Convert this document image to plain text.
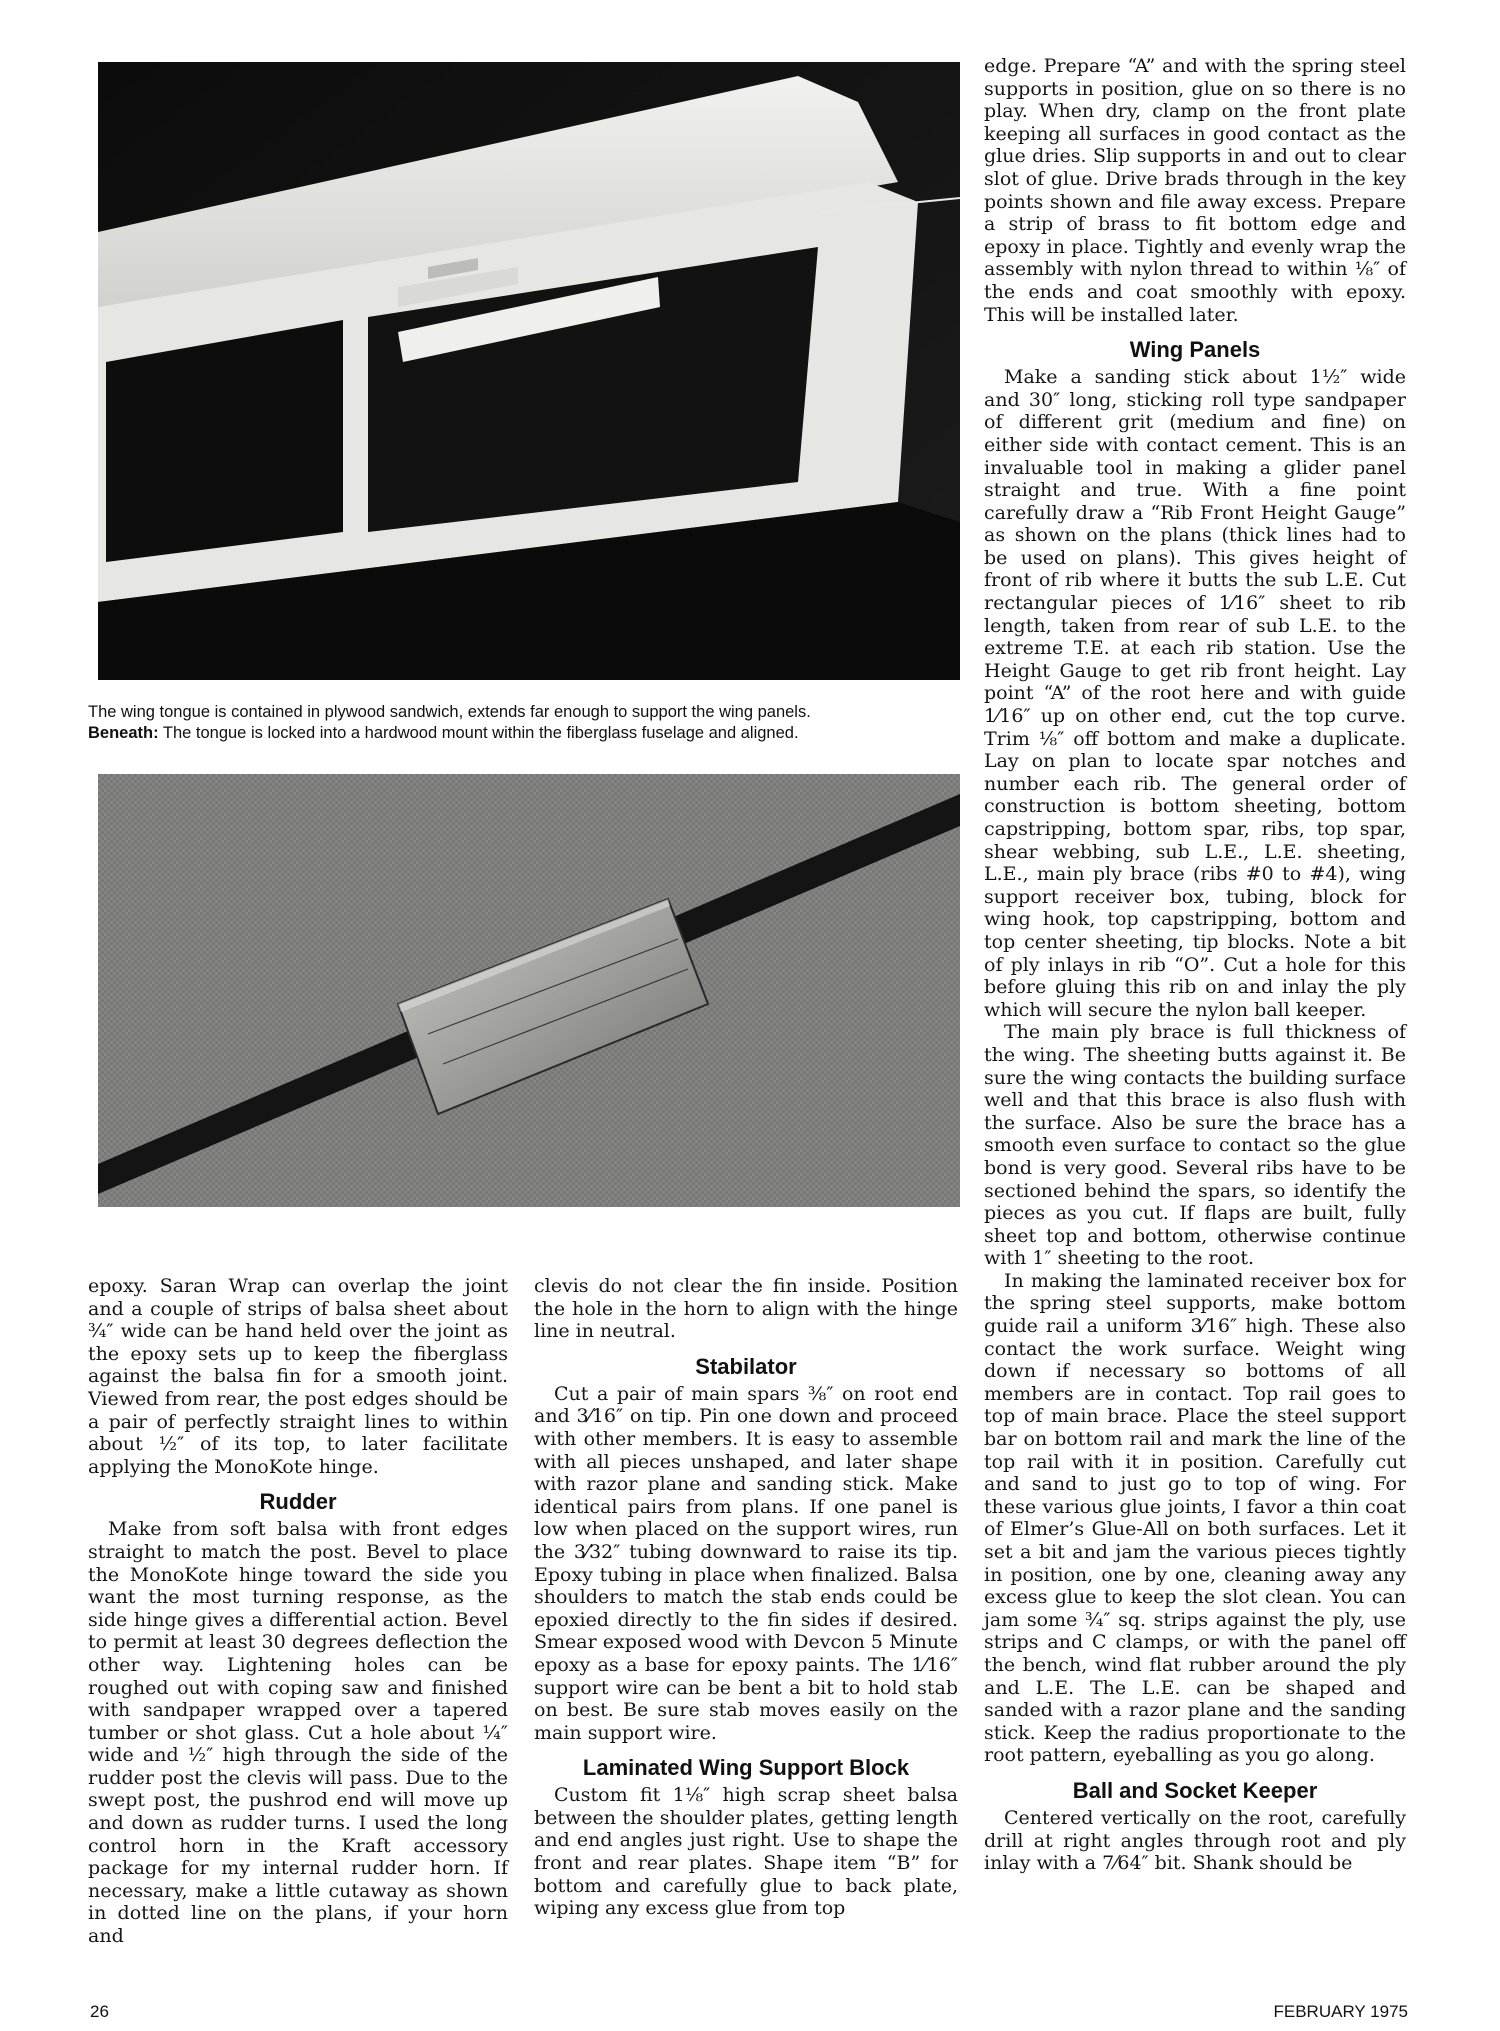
The wing tongue is contained in plywood sandwich, extends far enough to support the wing panels.
Beneath: The tongue is locked into a hardwood mount within the fiberglass fuselage and aligned.

epoxy. Saran Wrap can overlap the joint and a couple of strips of balsa sheet about ¾″ wide can be hand held over the joint as the epoxy sets up to keep the fiberglass against the balsa fin for a smooth joint. Viewed from rear, the post edges should be a pair of perfectly straight lines to within about ½″ of its top, to later facilitate applying the MonoKote hinge.

Rudder

Make from soft balsa with front edges straight to match the post. Bevel to place the MonoKote hinge toward the side you want the most turning response, as the side hinge gives a differential action. Bevel to permit at least 30 degrees deflection the other way. Lightening holes can be roughed out with coping saw and finished with sandpaper wrapped over a tapered tumber or shot glass. Cut a hole about ¼″ wide and ½″ high through the side of the rudder post the clevis will pass. Due to the swept post, the pushrod end will move up and down as rudder turns. I used the long control horn in the Kraft accessory package for my internal rudder horn. If necessary, make a little cutaway as shown in dotted line on the plans, if your horn and

clevis do not clear the fin inside. Position the hole in the horn to align with the hinge line in neutral.

Stabilator

Cut a pair of main spars ⅜″ on root end and 3⁄16″ on tip. Pin one down and proceed with other members. It is easy to assemble with all pieces unshaped, and later shape with razor plane and sanding stick. Make identical pairs from plans. If one panel is low when placed on the support wires, run the 3⁄32″ tubing downward to raise its tip. Epoxy tubing in place when finalized. Balsa shoulders to match the stab ends could be epoxied directly to the fin sides if desired. Smear exposed wood with Devcon 5 Minute epoxy as a base for epoxy paints. The 1⁄16″ support wire can be bent a bit to hold stab on best. Be sure stab moves easily on the main support wire.

Laminated Wing Support Block

Custom fit 1⅛″ high scrap sheet balsa between the shoulder plates, getting length and end angles just right. Use to shape the front and rear plates. Shape item “B” for bottom and carefully glue to back plate, wiping any excess glue from top

edge. Prepare “A” and with the spring steel supports in position, glue on so there is no play. When dry, clamp on the front plate keeping all surfaces in good contact as the glue dries. Slip supports in and out to clear slot of glue. Drive brads through in the key points shown and file away excess. Prepare a strip of brass to fit bottom edge and epoxy in place. Tightly and evenly wrap the assembly with nylon thread to within ⅛″ of the ends and coat smoothly with epoxy. This will be installed later.

Wing Panels

Make a sanding stick about 1½″ wide and 30″ long, sticking roll type sandpaper of different grit (medium and fine) on either side with contact cement. This is an invaluable tool in making a glider panel straight and true. With a fine point carefully draw a “Rib Front Height Gauge” as shown on the plans (thick lines had to be used on plans). This gives height of front of rib where it butts the sub L.E. Cut rectangular pieces of 1⁄16″ sheet to rib length, taken from rear of sub L.E. to the extreme T.E. at each rib station. Use the Height Gauge to get rib front height. Lay point “A” of the root here and with guide 1⁄16″ up on other end, cut the top curve. Trim ⅛″ off bottom and make a duplicate. Lay on plan to locate spar notches and number each rib. The general order of construction is bottom sheeting, bottom capstripping, bottom spar, ribs, top spar, shear webbing, sub L.E., L.E. sheeting, L.E., main ply brace (ribs #0 to #4), wing support receiver box, tubing, block for wing hook, top capstripping, bottom and top center sheeting, tip blocks. Note a bit of ply inlays in rib “O”. Cut a hole for this before gluing this rib on and inlay the ply which will secure the nylon ball keeper.

The main ply brace is full thickness of the wing. The sheeting butts against it. Be sure the wing contacts the building surface well and that this brace is also flush with the surface. Also be sure the brace has a smooth even surface to contact so the glue bond is very good. Several ribs have to be sectioned behind the spars, so identify the pieces as you cut. If flaps are built, fully sheet top and bottom, otherwise continue with 1″ sheeting to the root.

In making the laminated receiver box for the spring steel supports, make bottom guide rail a uniform 3⁄16″ high. These also contact the work surface. Weight wing down if necessary so bottoms of all members are in contact. Top rail goes to top of main brace. Place the steel support bar on bottom rail and mark the line of the top rail with it in position. Carefully cut and sand to just go to top of wing. For these various glue joints, I favor a thin coat of Elmer’s Glue-All on both surfaces. Let it set a bit and jam the various pieces tightly in position, one by one, cleaning away any excess glue to keep the slot clean. You can jam some ¾″ sq. strips against the ply, use strips and C clamps, or with the panel off the bench, wind flat rubber around the ply and L.E. The L.E. can be shaped and sanded with a razor plane and the sanding stick. Keep the radius proportionate to the root pattern, eyeballing as you go along.

Ball and Socket Keeper

Centered vertically on the root, carefully drill at right angles through root and ply inlay with a 7⁄64″ bit. Shank should be

26	FEBRUARY 1975
